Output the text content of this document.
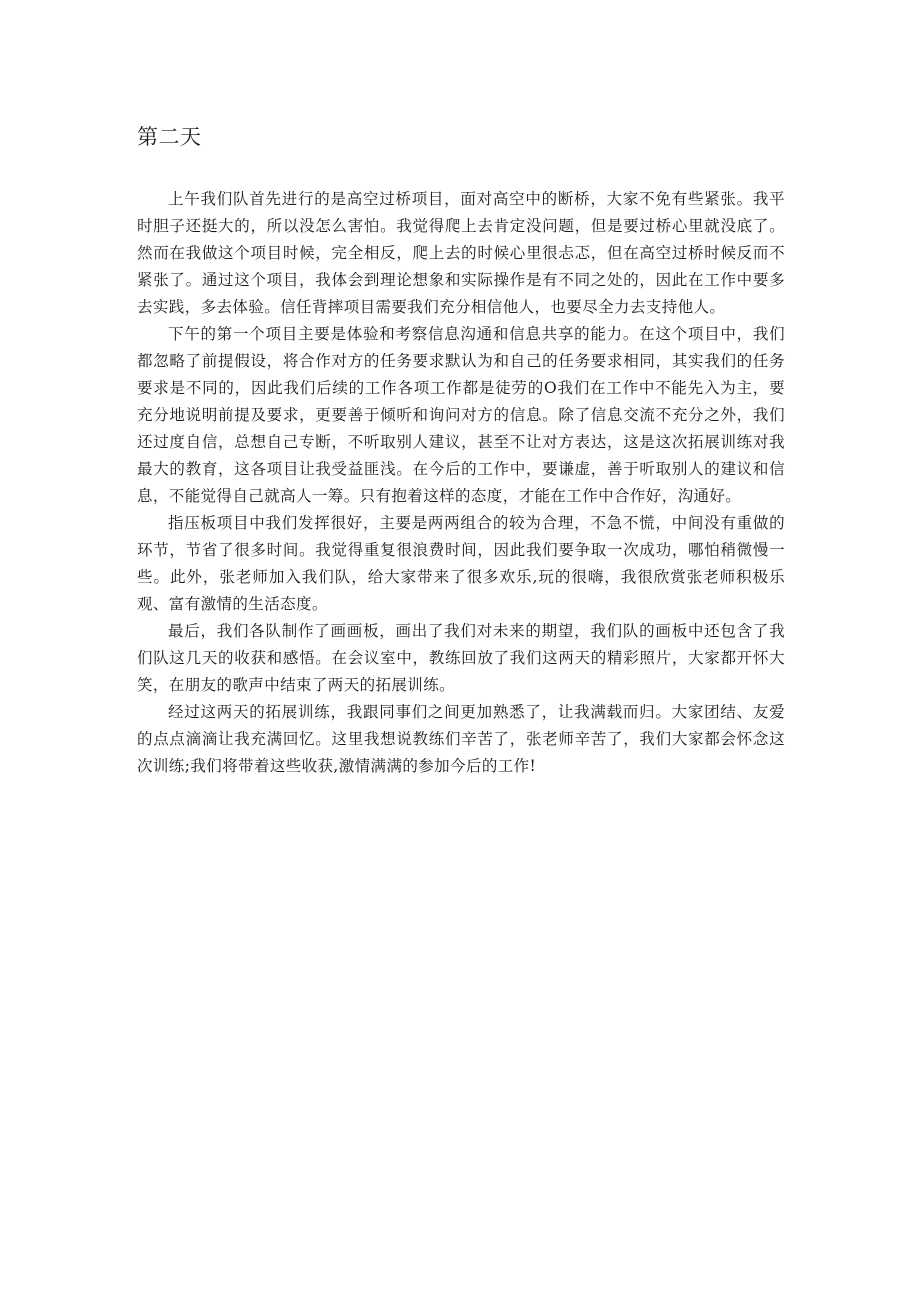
第二天

上午我们队首先进行的是高空过桥项目，面对高空中的断桥，大家不免有些紧张。我平时胆子还挺大的，所以没怎么害怕。我觉得爬上去肯定没问题，但是要过桥心里就没底了。然而在我做这个项目时候，完全相反，爬上去的时候心里很忐忑，但在高空过桥时候反而不紧张了。通过这个项目，我体会到理论想象和实际操作是有不同之处的，因此在工作中要多去实践，多去体验。信任背摔项目需要我们充分相信他人，也要尽全力去支持他人。

下午的第一个项目主要是体验和考察信息沟通和信息共享的能力。在这个项目中，我们都忽略了前提假设，将合作对方的任务要求默认为和自己的任务要求相同，其实我们的任务要求是不同的，因此我们后续的工作各项工作都是徒劳的O我们在工作中不能先入为主，要充分地说明前提及要求，更要善于倾听和询问对方的信息。除了信息交流不充分之外，我们还过度自信，总想自己专断，不听取别人建议，甚至不让对方表达，这是这次拓展训练对我最大的教育，这各项目让我受益匪浅。在今后的工作中，要谦虚，善于听取别人的建议和信息，不能觉得自己就高人一筹。只有抱着这样的态度，才能在工作中合作好，沟通好。

指压板项目中我们发挥很好，主要是两两组合的较为合理，不急不慌，中间没有重做的环节，节省了很多时间。我觉得重复很浪费时间，因此我们要争取一次成功，哪怕稍微慢一些。此外，张老师加入我们队，给大家带来了很多欢乐,玩的很嗨，我很欣赏张老师积极乐观、富有激情的生活态度。

最后，我们各队制作了画画板，画出了我们对未来的期望，我们队的画板中还包含了我们队这几天的收获和感悟。在会议室中，教练回放了我们这两天的精彩照片，大家都开怀大笑，在朋友的歌声中结束了两天的拓展训练。

经过这两天的拓展训练，我跟同事们之间更加熟悉了，让我满载而归。大家团结、友爱的点点滴滴让我充满回忆。这里我想说教练们辛苦了，张老师辛苦了，我们大家都会怀念这次训练;我们将带着这些收获,激情满满的参加今后的工作!
